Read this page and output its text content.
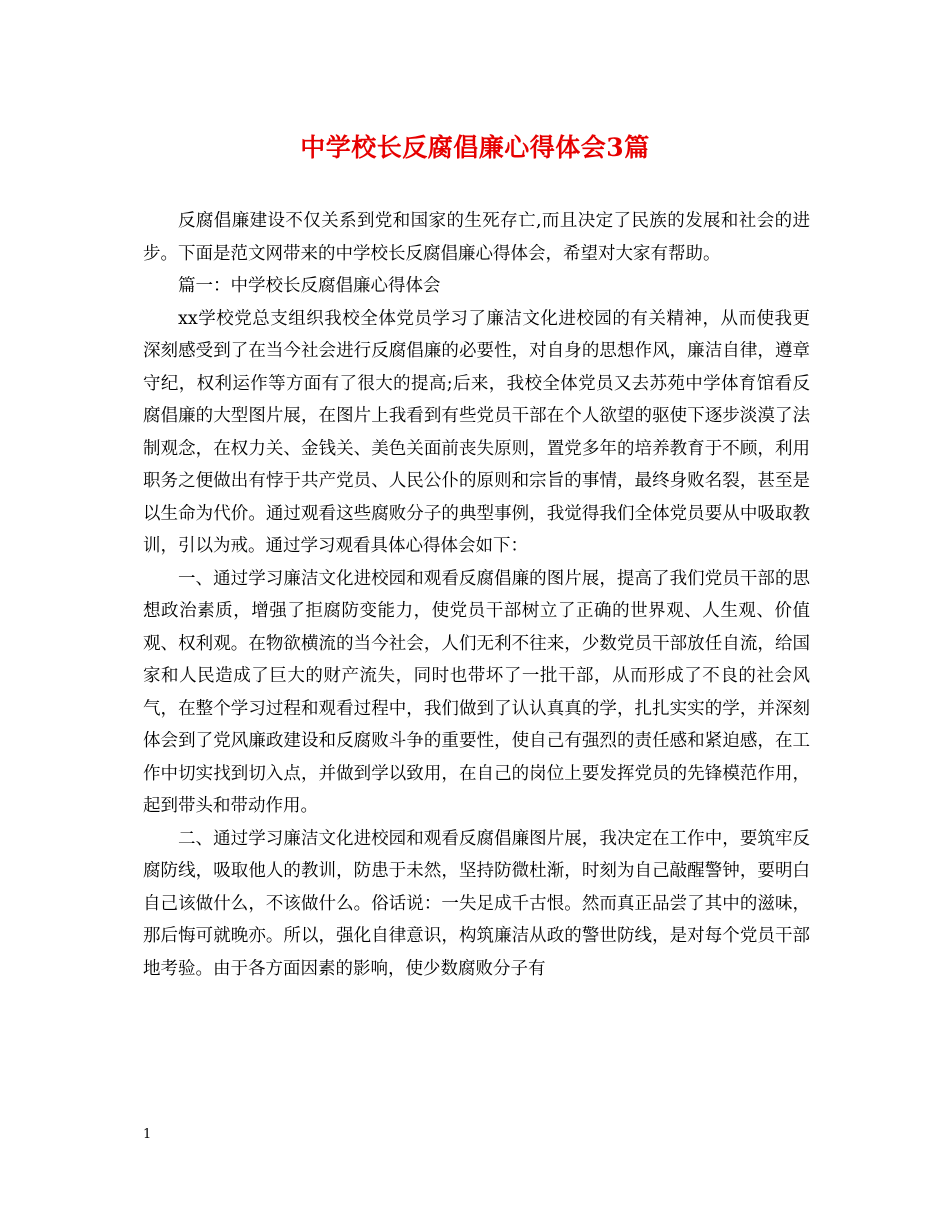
中学校长反腐倡廉心得体会3篇

反腐倡廉建设不仅关系到党和国家的生死存亡,而且决定了民族的发展和社会的进步。下面是范文网带来的中学校长反腐倡廉心得体会，希望对大家有帮助。

篇一：中学校长反腐倡廉心得体会

xx学校党总支组织我校全体党员学习了廉洁文化进校园的有关精神，从而使我更深刻感受到了在当今社会进行反腐倡廉的必要性，对自身的思想作风，廉洁自律，遵章守纪，权利运作等方面有了很大的提高;后来，我校全体党员又去苏苑中学体育馆看反腐倡廉的大型图片展，在图片上我看到有些党员干部在个人欲望的驱使下逐步淡漠了法制观念，在权力关、金钱关、美色关面前丧失原则，置党多年的培养教育于不顾，利用职务之便做出有悖于共产党员、人民公仆的原则和宗旨的事情，最终身败名裂，甚至是以生命为代价。通过观看这些腐败分子的典型事例，我觉得我们全体党员要从中吸取教训，引以为戒。通过学习观看具体心得体会如下：

一、通过学习廉洁文化进校园和观看反腐倡廉的图片展，提高了我们党员干部的思想政治素质，增强了拒腐防变能力，使党员干部树立了正确的世界观、人生观、价值观、权利观。在物欲横流的当今社会，人们无利不往来，少数党员干部放任自流，给国家和人民造成了巨大的财产流失，同时也带坏了一批干部，从而形成了不良的社会风气，在整个学习过程和观看过程中，我们做到了认认真真的学，扎扎实实的学，并深刻体会到了党风廉政建设和反腐败斗争的重要性，使自己有强烈的责任感和紧迫感，在工作中切实找到切入点，并做到学以致用，在自己的岗位上要发挥党员的先锋模范作用，起到带头和带动作用。

二、通过学习廉洁文化进校园和观看反腐倡廉图片展，我决定在工作中，要筑牢反腐防线，吸取他人的教训，防患于未然，坚持防微杜渐，时刻为自己敲醒警钟，要明白自己该做什么，不该做什么。俗话说：一失足成千古恨。然而真正品尝了其中的滋味，那后悔可就晚亦。所以，强化自律意识，构筑廉洁从政的警世防线，是对每个党员干部地考验。由于各方面因素的影响，使少数腐败分子有

1
